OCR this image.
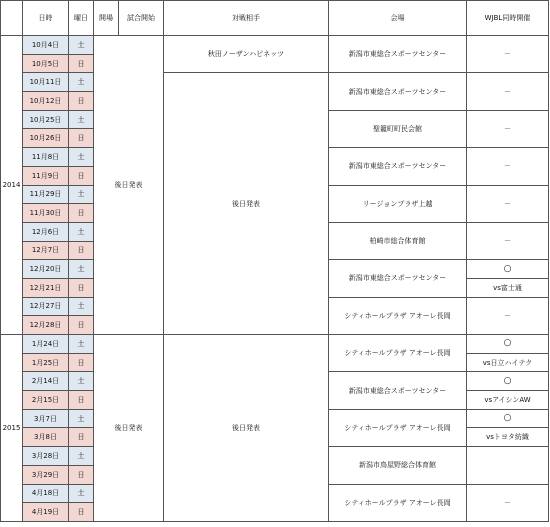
	日時	曜日	開場	試合開始	対戦相手	会場	WJBL同時開催
2014	10月4日	土	後日発表		秋田ノーザンハピネッツ	新潟市東総合スポーツセンター	－
	10月5日	日					
	10月11日	土			後日発表	新潟市東総合スポーツセンター	－
	10月12日	日					
	10月25日	土				聖籠町町民会館	－
	10月26日	日					
	11月8日	土				新潟市東総合スポーツセンター	－
	11月9日	日					
	11月29日	土				リージョンプラザ上越	－
	11月30日	日					
	12月6日	土				柏崎市総合体育館	－
	12月7日	日					
	12月20日	土				新潟市東総合スポーツセンター	○

	12月21日	日					vs富士通
	12月27日	土				シティホールプラザ アオーレ長岡	－
	12月28日	日					
2015	1月24日	土	後日発表		後日発表	シティホールプラザ アオーレ長岡	○

	1月25日	日					vs日立ハイテク
	2月14日	土				新潟市東総合スポーツセンター	○

	2月15日	日					vsアイシンAW
	3月7日	土				シティホールプラザ アオーレ長岡	○

	3月8日	日					vsトヨタ紡織
	3月28日	土				新潟市鳥屋野総合体育館	
	3月29日	日					
	4月18日	土				シティホールプラザ アオーレ長岡	－
	4月19日	日					
